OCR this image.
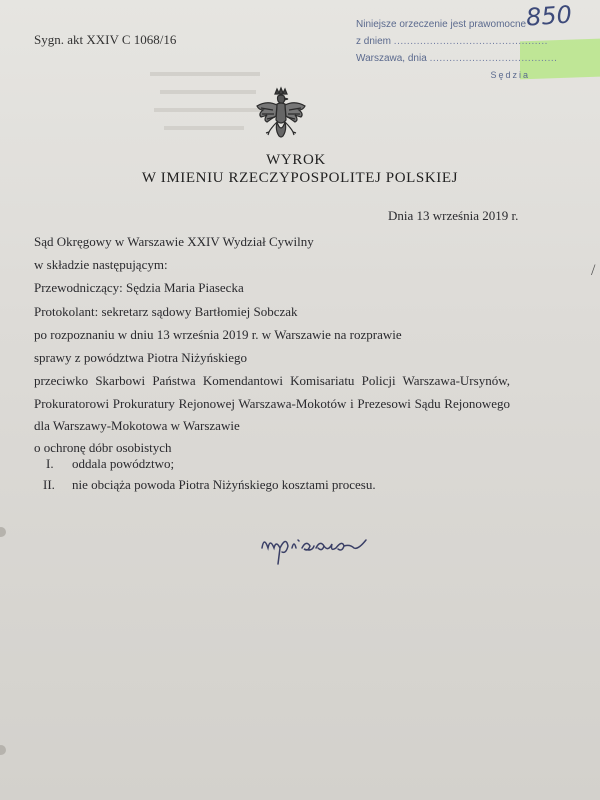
Sygn. akt XXIV C 1068/16
Niniejsze orzeczenie jest prawomocne
z dniem ...............................................
Warszawa, dnia .......................................
Sędzia
850
WYROK
W IMIENIU RZECZYPOSPOLITEJ POLSKIEJ
Dnia 13 września 2019 r.
Sąd Okręgowy w Warszawie XXIV Wydział Cywilny
w składzie następującym:
Przewodniczący: Sędzia Maria Piasecka
Protokolant: sekretarz sądowy Bartłomiej Sobczak
po rozpoznaniu w dniu 13 września 2019 r. w Warszawie na rozprawie
sprawy z powództwa Piotra Niżyńskiego
przeciwko Skarbowi Państwa Komendantowi Komisariatu Policji Warszawa-Ursynów,
Prokuratorowi Prokuratury Rejonowej Warszawa-Mokotów i Prezesowi Sądu Rejonowego
dla Warszawy-Mokotowa w Warszawie
o ochronę dóbr osobistych
I. oddala powództwo;
II. nie obciąża powoda Piotra Niżyńskiego kosztami procesu.
/
